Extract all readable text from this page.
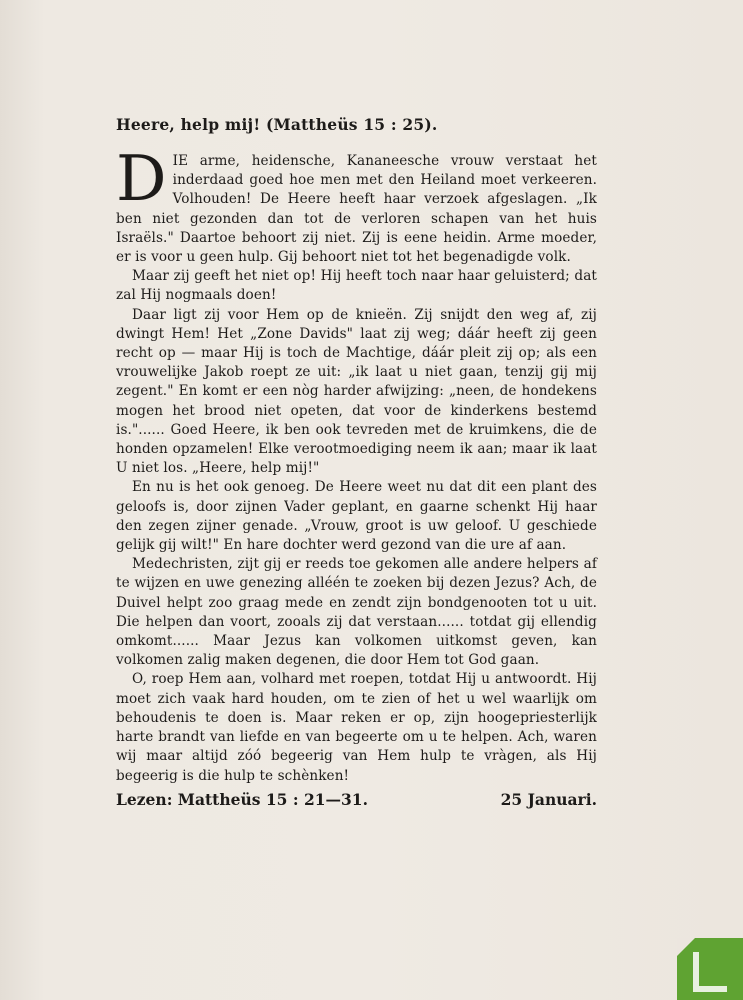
Heere, help mij! (Mattheüs 15 : 25).

DIE arme, heidensche, Kananeesche vrouw verstaat het inderdaad goed hoe men met den Heiland moet verkeeren. Volhouden! De Heere heeft haar verzoek afgeslagen. „Ik ben niet gezonden dan tot de verloren schapen van het huis Israëls." Daartoe behoort zij niet. Zij is eene heidin. Arme moeder, er is voor u geen hulp. Gij behoort niet tot het begenadigde volk.

Maar zij geeft het niet op! Hij heeft toch naar haar geluisterd; dat zal Hij nogmaals doen!

Daar ligt zij voor Hem op de knieën. Zij snijdt den weg af, zij dwingt Hem! Het „Zone Davids" laat zij weg; dáár heeft zij geen recht op — maar Hij is toch de Machtige, dáár pleit zij op; als een vrouwelijke Jakob roept ze uit: „ik laat u niet gaan, tenzij gij mij zegent." En komt er een nòg harder afwijzing: „neen, de hondekens mogen het brood niet opeten, dat voor de kinderkens bestemd is."...... Goed Heere, ik ben ook tevreden met de kruimkens, die de honden opzamelen! Elke verootmoediging neem ik aan; maar ik laat U niet los. „Heere, help mij!"

En nu is het ook genoeg. De Heere weet nu dat dit een plant des geloofs is, door zijnen Vader geplant, en gaarne schenkt Hij haar den zegen zijner genade. „Vrouw, groot is uw geloof. U geschiede gelijk gij wilt!" En hare dochter werd gezond van die ure af aan.

Medechristen, zijt gij er reeds toe gekomen alle andere helpers af te wijzen en uwe genezing alléén te zoeken bij dezen Jezus? Ach, de Duivel helpt zoo graag mede en zendt zijn bondgenooten tot u uit. Die helpen dan voort, zooals zij dat verstaan...... totdat gij ellendig omkomt...... Maar Jezus kan volkomen uitkomst geven, kan volkomen zalig maken degenen, die door Hem tot God gaan.

O, roep Hem aan, volhard met roepen, totdat Hij u antwoordt. Hij moet zich vaak hard houden, om te zien of het u wel waarlijk om behoudenis te doen is. Maar reken er op, zijn hoogepriesterlijk harte brandt van liefde en van begeerte om u te helpen. Ach, waren wij maar altijd zóó begeerig van Hem hulp te vràgen, als Hij begeerig is die hulp te schènken!

Lezen: Mattheüs 15 : 21—31.	25 Januari.
